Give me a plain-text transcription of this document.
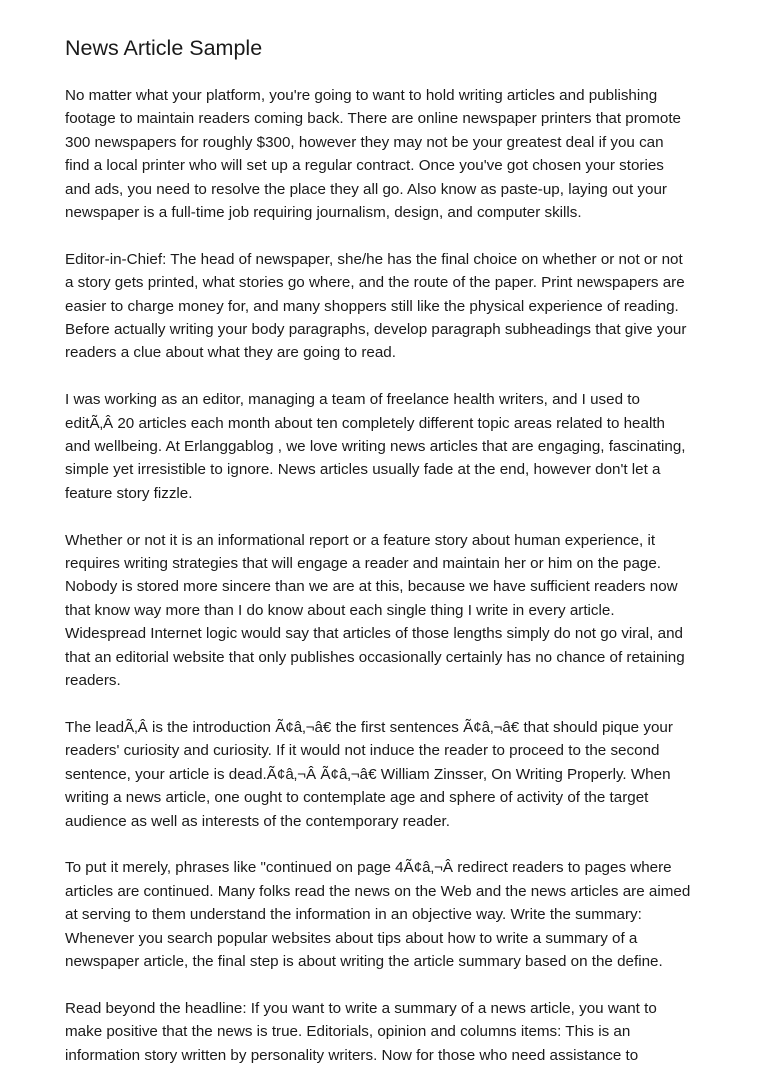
News Article Sample
No matter what your platform, you're going to want to hold writing articles and publishing
footage to maintain readers coming back. There are online newspaper printers that promote
300 newspapers for roughly $300, however they may not be your greatest deal if you can
find a local printer who will set up a regular contract. Once you've got chosen your stories
and ads, you need to resolve the place they all go. Also know as paste-up, laying out your
newspaper is a full-time job requiring journalism, design, and computer skills.
Editor-in-Chief: The head of newspaper, she/he has the final choice on whether or not or not
a story gets printed, what stories go where, and the route of the paper. Print newspapers are
easier to charge money for, and many shoppers still like the physical experience of reading.
Before actually writing your body paragraphs, develop paragraph subheadings that give your
readers a clue about what they are going to read.
I was working as an editor, managing a team of freelance health writers, and I used to
editÃ‚Â 20 articles each month about ten completely different topic areas related to health
and wellbeing. At Erlanggablog , we love writing news articles that are engaging, fascinating,
simple yet irresistible to ignore. News articles usually fade at the end, however don't let a
feature story fizzle.
Whether or not it is an informational report or a feature story about human experience, it
requires writing strategies that will engage a reader and maintain her or him on the page.
Nobody is stored more sincere than we are at this, because we have sufficient readers now
that know way more than I do know about each single thing I write in every article.
Widespread Internet logic would say that articles of those lengths simply do not go viral, and
that an editorial website that only publishes occasionally certainly has no chance of retaining
readers.
The leadÃ‚Â is the introduction Ã¢â‚¬â€ the first sentences Ã¢â‚¬â€ that should pique your
readers' curiosity and curiosity. If it would not induce the reader to proceed to the second
sentence, your article is dead.Ã¢â‚¬Â Ã¢â‚¬â€ William Zinsser, On Writing Properly. When
writing a news article, one ought to contemplate age and sphere of activity of the target
audience as well as interests of the contemporary reader.
To put it merely, phrases like "continued on page 4Ã¢â‚¬Â redirect readers to pages where
articles are continued. Many folks read the news on the Web and the news articles are aimed
at serving to them understand the information in an objective way. Write the summary:
Whenever you search popular websites about tips about how to write a summary of a
newspaper article, the final step is about writing the article summary based on the define.
Read beyond the headline: If you want to write a summary of a news article, you want to
make positive that the news is true. Editorials, opinion and columns items: This is an
information story written by personality writers. Now for those who need assistance to
